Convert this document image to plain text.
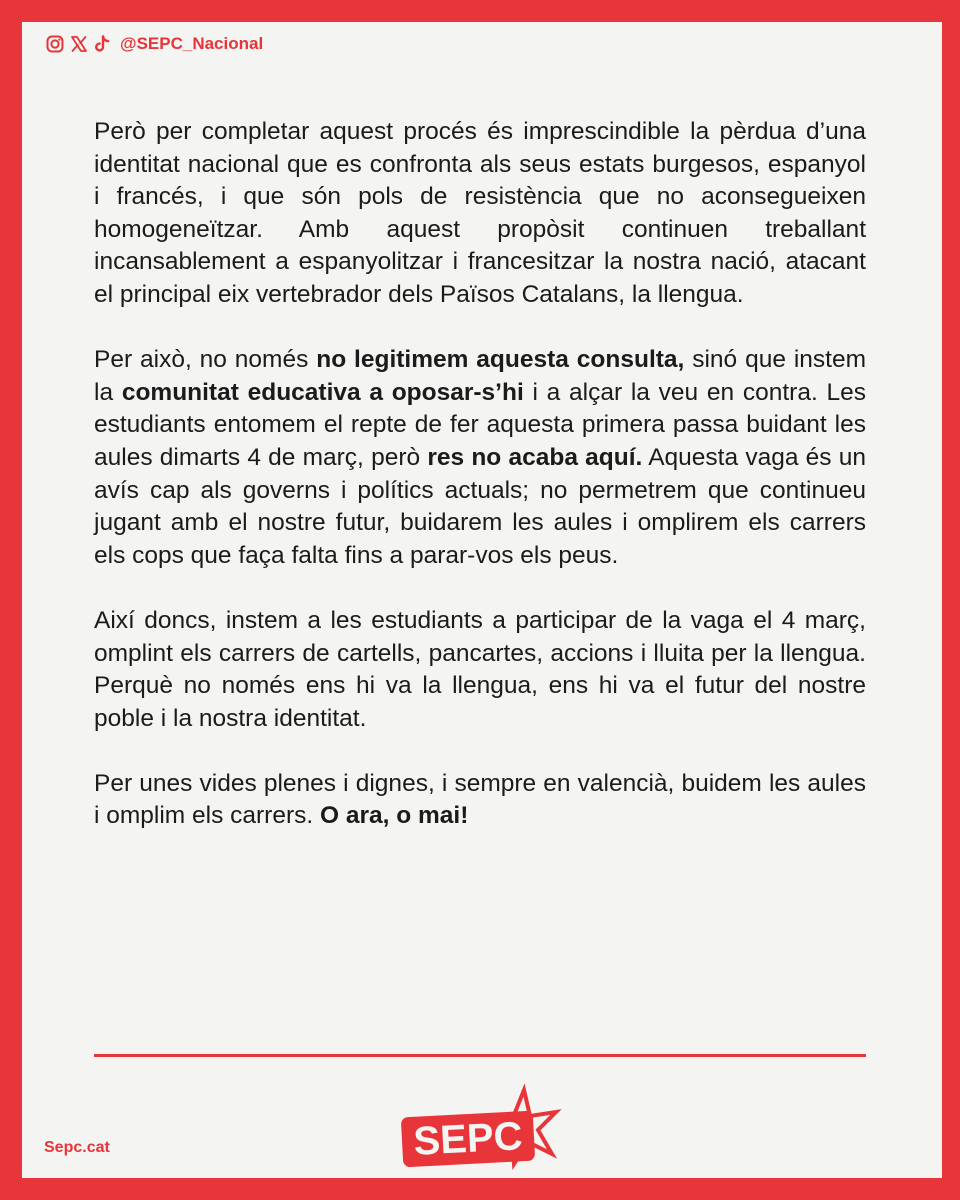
@SEPC_Nacional

Però per completar aquest procés és imprescindible la pèrdua d’una identitat nacional que es confronta als seus estats burgesos, espanyol i francés, i que són pols de resistència que no aconsegueixen homogeneïtzar. Amb aquest propòsit continuen treballant incansablement a espanyolitzar i francesitzar la nostra nació, atacant el principal eix vertebrador dels Països Catalans, la llengua.

Per això, no només no legitimem aquesta consulta, sinó que instem la comunitat educativa a oposar-s’hi i a alçar la veu en contra. Les estudiants entomem el repte de fer aquesta primera passa buidant les aules dimarts 4 de març, però res no acaba aquí. Aquesta vaga és un avís cap als governs i polítics actuals; no permetrem que continueu jugant amb el nostre futur, buidarem les aules i omplirem els carrers els cops que faça falta fins a parar-vos els peus.

Així doncs, instem a les estudiants a participar de la vaga el 4 març, omplint els carrers de cartells, pancartes, accions i lluita per la llengua. Perquè no només ens hi va la llengua, ens hi va el futur del nostre poble i la nostra identitat.

Per unes vides plenes i dignes, i sempre en valencià, buidem les aules i omplim els carrers. O ara, o mai!

Sepc.cat	SEPC
